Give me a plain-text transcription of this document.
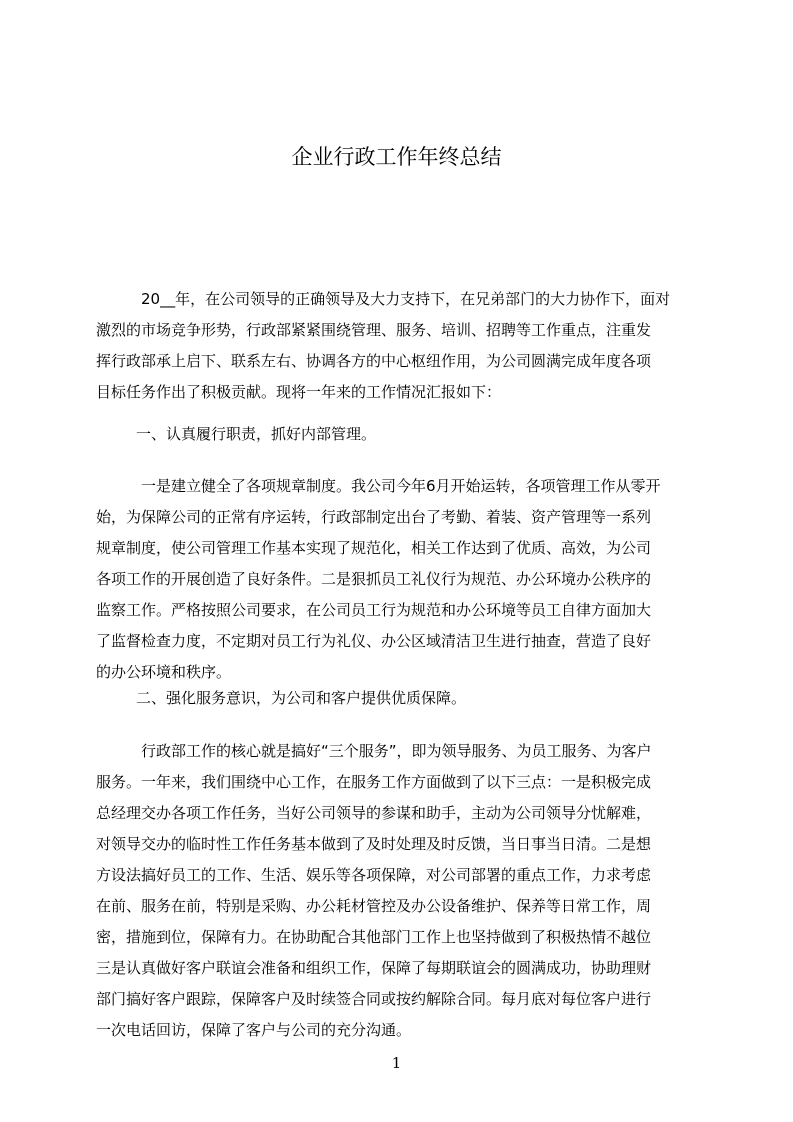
企业行政工作年终总结
20__年，在公司领导的正确领导及大力支持下，在兄弟部门的大力协作下，面对
激烈的市场竞争形势，行政部紧紧围绕管理、服务、培训、招聘等工作重点，注重发
挥行政部承上启下、联系左右、协调各方的中心枢纽作用，为公司圆满完成年度各项
目标任务作出了积极贡献。现将一年来的工作情况汇报如下：
一、认真履行职责，抓好内部管理。
一是建立健全了各项规章制度。我公司今年6月开始运转，各项管理工作从零开
始，为保障公司的正常有序运转，行政部制定出台了考勤、着装、资产管理等一系列
规章制度，使公司管理工作基本实现了规范化，相关工作达到了优质、高效，为公司
各项工作的开展创造了良好条件。二是狠抓员工礼仪行为规范、办公环境办公秩序的
监察工作。严格按照公司要求，在公司员工行为规范和办公环境等员工自律方面加大
了监督检查力度，不定期对员工行为礼仪、办公区域清洁卫生进行抽查，营造了良好
的办公环境和秩序。
二、强化服务意识，为公司和客户提供优质保障。
行政部工作的核心就是搞好“三个服务”，即为领导服务、为员工服务、为客户
服务。一年来，我们围绕中心工作，在服务工作方面做到了以下三点：一是积极完成
总经理交办各项工作任务，当好公司领导的参谋和助手，主动为公司领导分忧解难，
对领导交办的临时性工作任务基本做到了及时处理及时反馈，当日事当日清。二是想
方设法搞好员工的工作、生活、娱乐等各项保障，对公司部署的重点工作，力求考虑
在前、服务在前，特别是采购、办公耗材管控及办公设备维护、保养等日常工作，周
密，措施到位，保障有力。在协助配合其他部门工作上也坚持做到了积极热情不越位
三是认真做好客户联谊会准备和组织工作，保障了每期联谊会的圆满成功，协助理财
部门搞好客户跟踪，保障客户及时续签合同或按约解除合同。每月底对每位客户进行
一次电话回访，保障了客户与公司的充分沟通。
1
